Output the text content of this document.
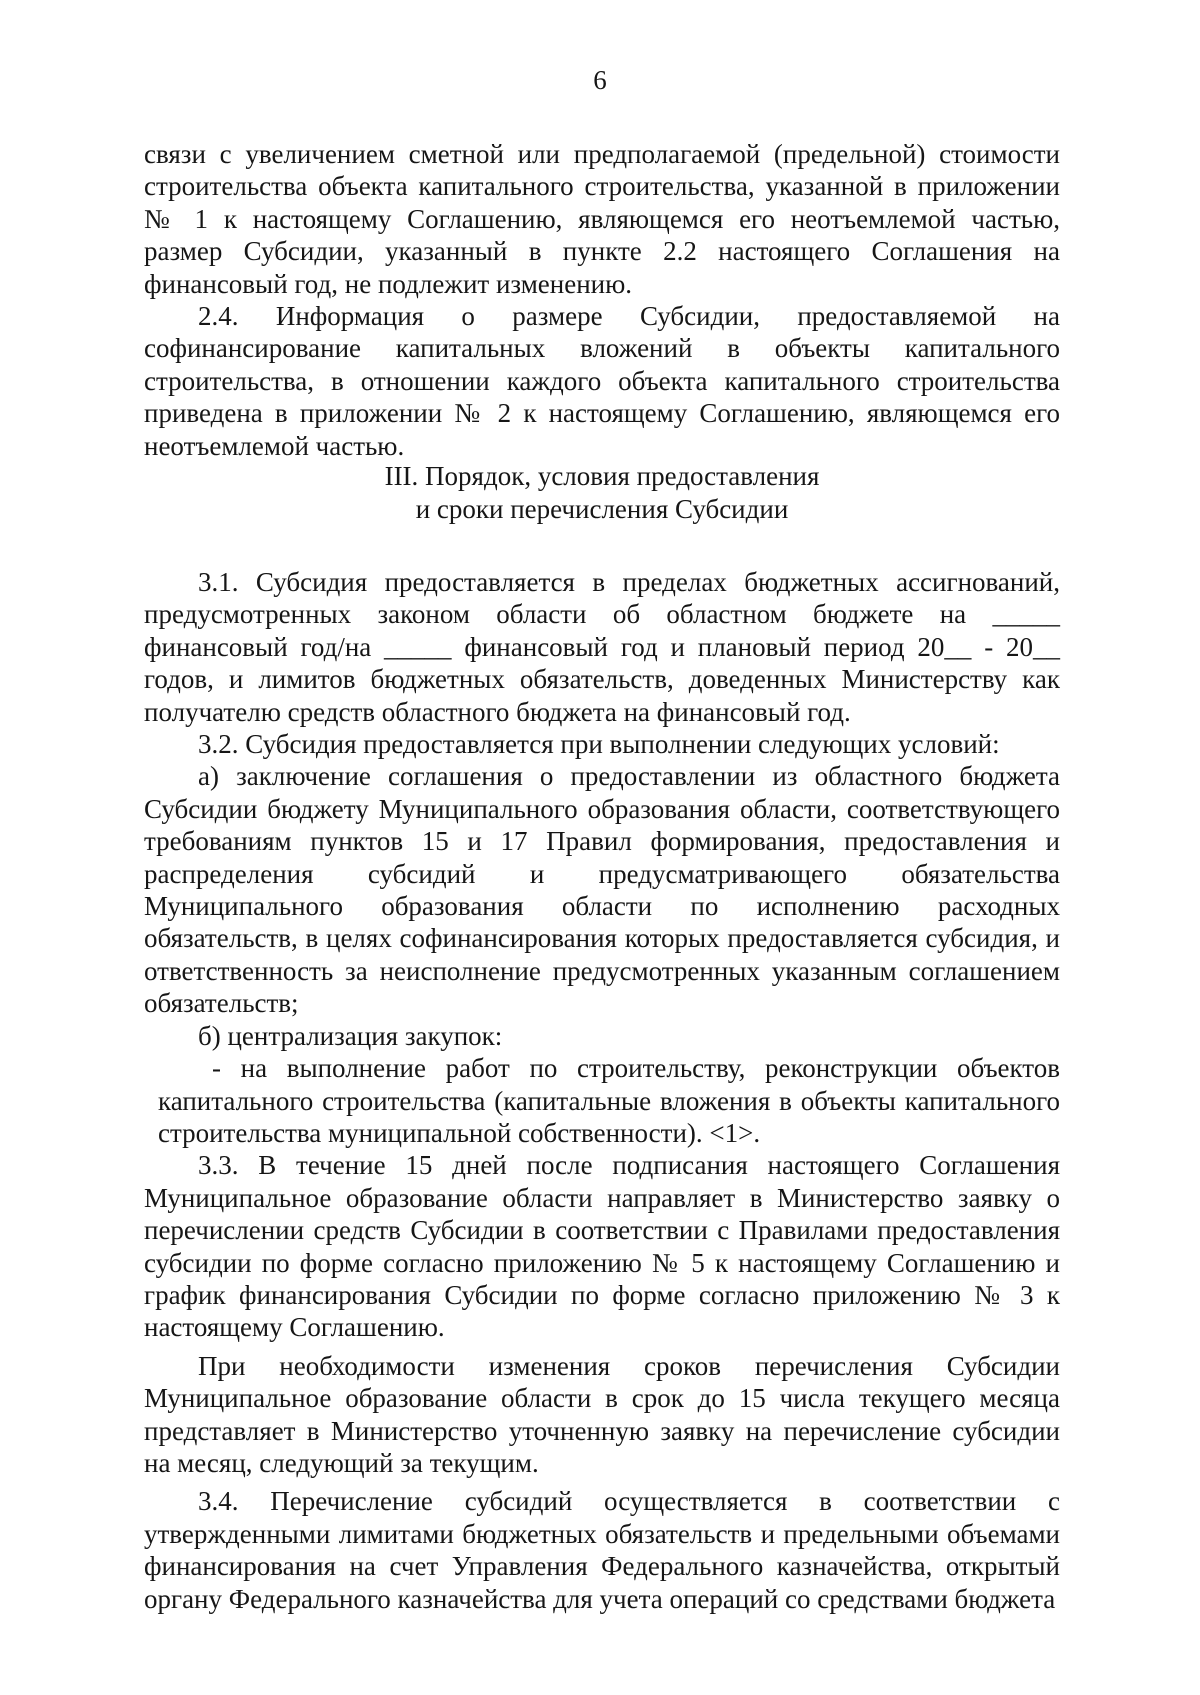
6

связи с увеличением сметной или предполагаемой (предельной) стоимости строительства объекта капитального строительства, указанной в приложении № 1 к настоящему Соглашению, являющемся его неотъемлемой частью, размер Субсидии, указанный в пункте 2.2 настоящего Соглашения на финансовый год, не подлежит изменению.

2.4. Информация о размере Субсидии, предоставляемой на софинансирование капитальных вложений в объекты капитального строительства, в отношении каждого объекта капитального строительства приведена в приложении № 2 к настоящему Соглашению, являющемся его неотъемлемой частью.

III. Порядок, условия предоставления
и сроки перечисления Субсидии

3.1. Субсидия предоставляется в пределах бюджетных ассигнований, предусмотренных законом области об областном бюджете на _____ финансовый год/на _____ финансовый год и плановый период 20__ - 20__ годов, и лимитов бюджетных обязательств, доведенных Министерству как получателю средств областного бюджета на финансовый год.

3.2. Субсидия предоставляется при выполнении следующих условий:

а) заключение соглашения о предоставлении из областного бюджета Субсидии бюджету Муниципального образования области, соответствующего требованиям пунктов 15 и 17 Правил формирования, предоставления и распределения субсидий и предусматривающего обязательства Муниципального образования области по исполнению расходных обязательств, в целях софинансирования которых предоставляется субсидия, и ответственность за неисполнение предусмотренных указанным соглашением обязательств;

б) централизация закупок:

- на выполнение работ по строительству, реконструкции объектов капитального строительства (капитальные вложения в объекты капитального строительства муниципальной собственности). <1>.

3.3. В течение 15 дней после подписания настоящего Соглашения Муниципальное образование области направляет в Министерство заявку о перечислении средств Субсидии в соответствии с Правилами предоставления субсидии по форме согласно приложению № 5 к настоящему Соглашению и график финансирования Субсидии по форме согласно приложению № 3 к настоящему Соглашению.

При необходимости изменения сроков перечисления Субсидии Муниципальное образование области в срок до 15 числа текущего месяца представляет в Министерство уточненную заявку на перечисление субсидии на месяц, следующий за текущим.

3.4. Перечисление субсидий осуществляется в соответствии с утвержденными лимитами бюджетных обязательств и предельными объемами финансирования на счет Управления Федерального казначейства, открытый органу Федерального казначейства для учета операций со средствами бюджета
